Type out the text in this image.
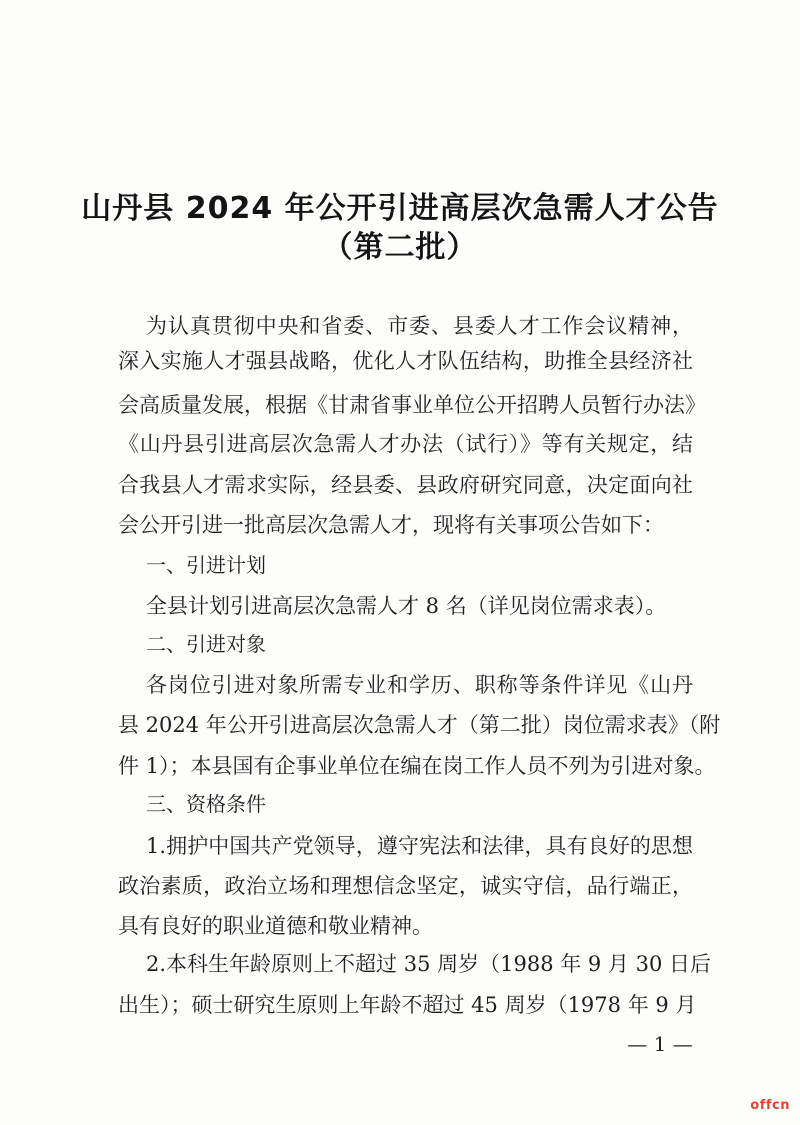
山丹县 2024 年公开引进高层次急需人才公告
（第二批）
为认真贯彻中央和省委、市委、县委人才工作会议精神，
深入实施人才强县战略，优化人才队伍结构，助推全县经济社
会高质量发展，根据《甘肃省事业单位公开招聘人员暂行办法》
《山丹县引进高层次急需人才办法（试行）》等有关规定，结
合我县人才需求实际，经县委、县政府研究同意，决定面向社
会公开引进一批高层次急需人才，现将有关事项公告如下：
一、引进计划
全县计划引进高层次急需人才 8 名（详见岗位需求表）。
二、引进对象
各岗位引进对象所需专业和学历、职称等条件详见《山丹
县 2024 年公开引进高层次急需人才（第二批）岗位需求表》（附
件 1）；本县国有企事业单位在编在岗工作人员不列为引进对象。
三、资格条件
1.拥护中国共产党领导，遵守宪法和法律，具有良好的思想
政治素质，政治立场和理想信念坚定，诚实守信，品行端正，
具有良好的职业道德和敬业精神。
2.本科生年龄原则上不超过 35 周岁（1988 年 9 月 30 日后
出生）；硕士研究生原则上年龄不超过 45 周岁（1978 年 9 月
— 1 —
offcn
